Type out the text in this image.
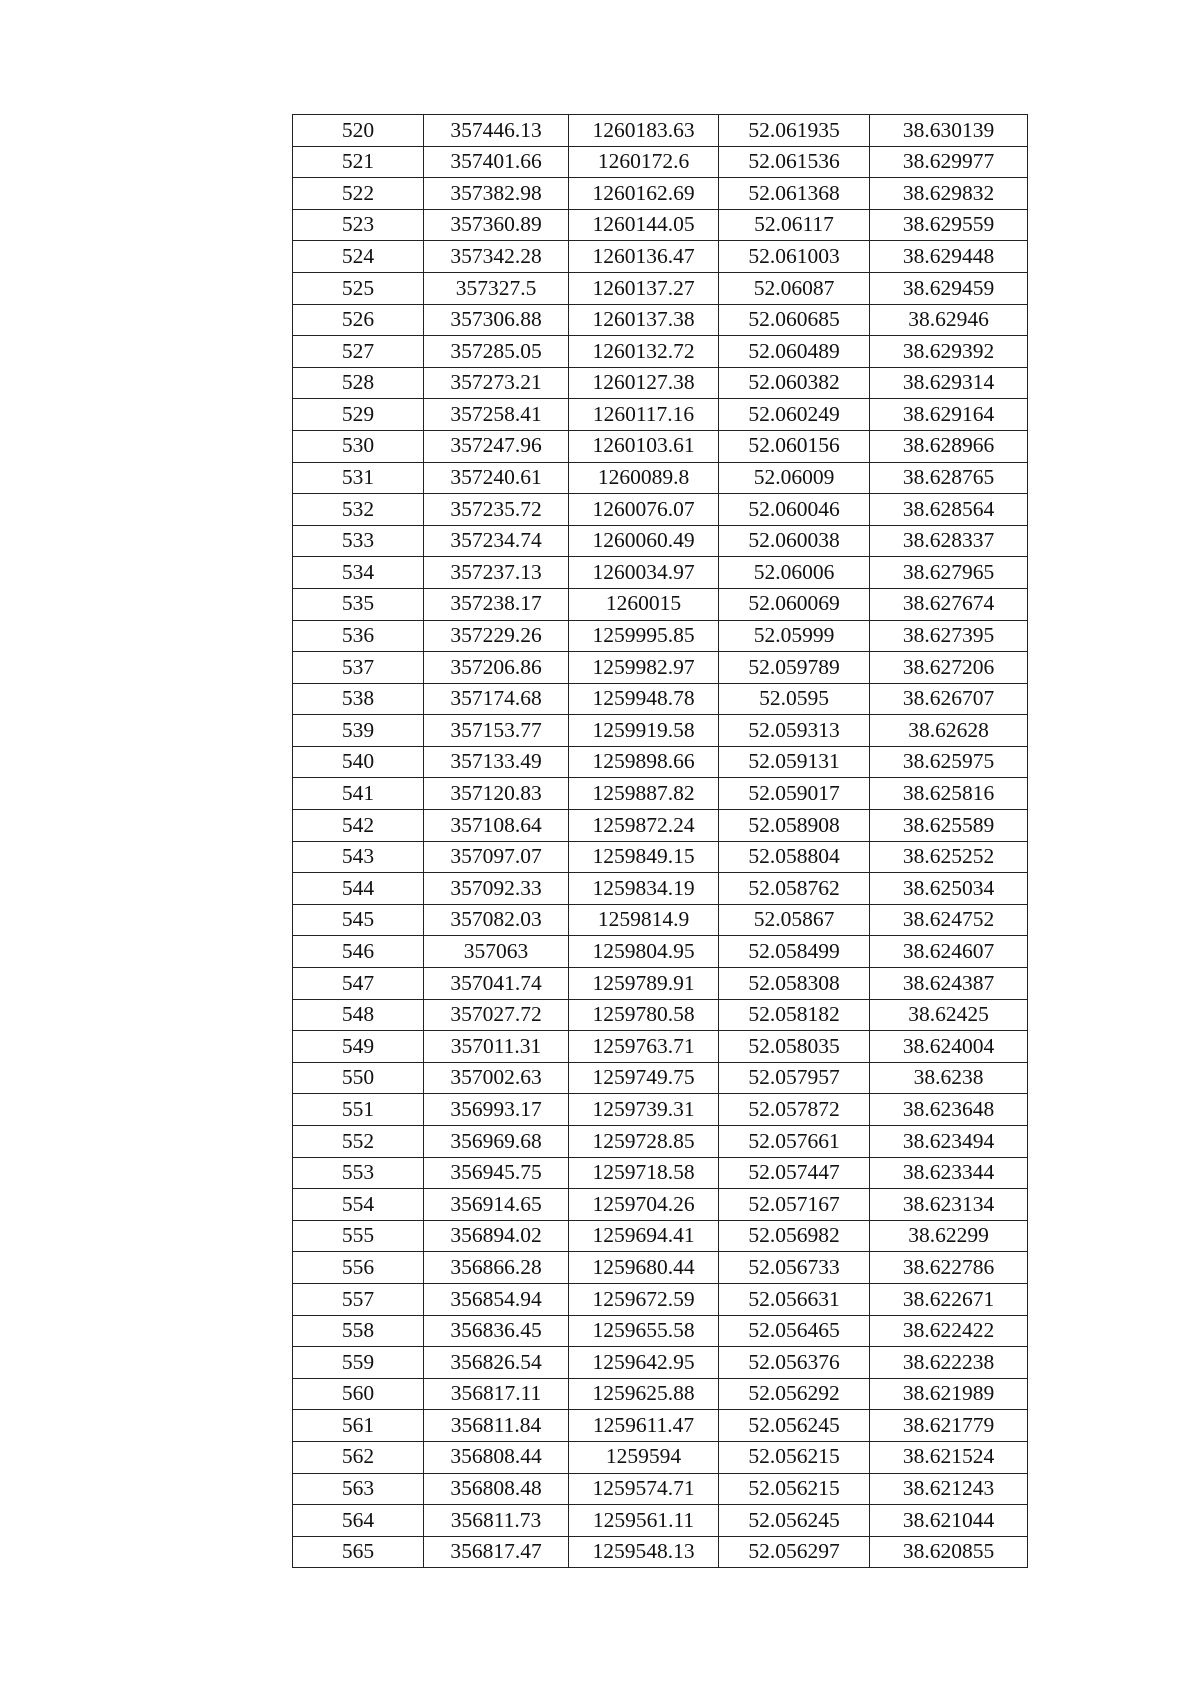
520	357446.13	1260183.63	52.061935	38.630139
521	357401.66	1260172.6	52.061536	38.629977
522	357382.98	1260162.69	52.061368	38.629832
523	357360.89	1260144.05	52.06117	38.629559
524	357342.28	1260136.47	52.061003	38.629448
525	357327.5	1260137.27	52.06087	38.629459
526	357306.88	1260137.38	52.060685	38.62946
527	357285.05	1260132.72	52.060489	38.629392
528	357273.21	1260127.38	52.060382	38.629314
529	357258.41	1260117.16	52.060249	38.629164
530	357247.96	1260103.61	52.060156	38.628966
531	357240.61	1260089.8	52.06009	38.628765
532	357235.72	1260076.07	52.060046	38.628564
533	357234.74	1260060.49	52.060038	38.628337
534	357237.13	1260034.97	52.06006	38.627965
535	357238.17	1260015	52.060069	38.627674
536	357229.26	1259995.85	52.05999	38.627395
537	357206.86	1259982.97	52.059789	38.627206
538	357174.68	1259948.78	52.0595	38.626707
539	357153.77	1259919.58	52.059313	38.62628
540	357133.49	1259898.66	52.059131	38.625975
541	357120.83	1259887.82	52.059017	38.625816
542	357108.64	1259872.24	52.058908	38.625589
543	357097.07	1259849.15	52.058804	38.625252
544	357092.33	1259834.19	52.058762	38.625034
545	357082.03	1259814.9	52.05867	38.624752
546	357063	1259804.95	52.058499	38.624607
547	357041.74	1259789.91	52.058308	38.624387
548	357027.72	1259780.58	52.058182	38.62425
549	357011.31	1259763.71	52.058035	38.624004
550	357002.63	1259749.75	52.057957	38.6238
551	356993.17	1259739.31	52.057872	38.623648
552	356969.68	1259728.85	52.057661	38.623494
553	356945.75	1259718.58	52.057447	38.623344
554	356914.65	1259704.26	52.057167	38.623134
555	356894.02	1259694.41	52.056982	38.62299
556	356866.28	1259680.44	52.056733	38.622786
557	356854.94	1259672.59	52.056631	38.622671
558	356836.45	1259655.58	52.056465	38.622422
559	356826.54	1259642.95	52.056376	38.622238
560	356817.11	1259625.88	52.056292	38.621989
561	356811.84	1259611.47	52.056245	38.621779
562	356808.44	1259594	52.056215	38.621524
563	356808.48	1259574.71	52.056215	38.621243
564	356811.73	1259561.11	52.056245	38.621044
565	356817.47	1259548.13	52.056297	38.620855
